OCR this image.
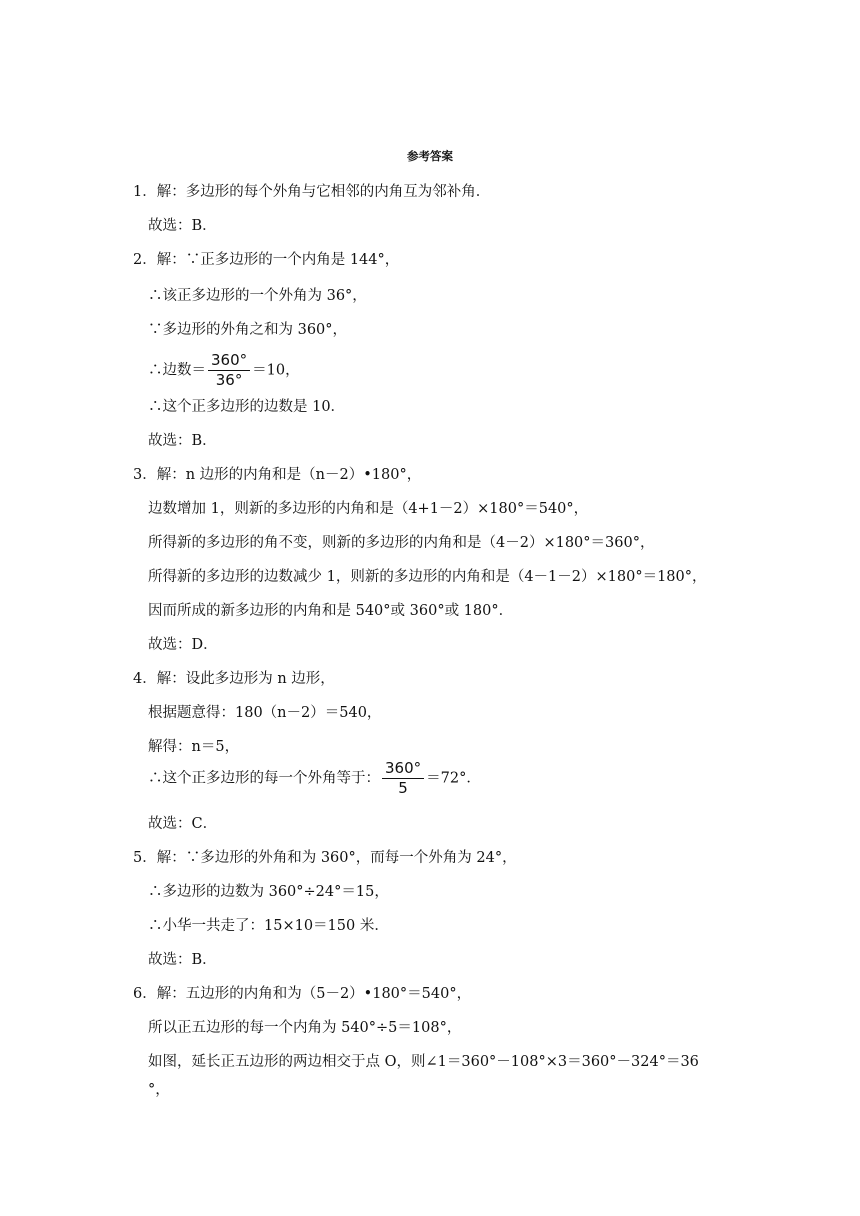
参考答案
1．解：多边形的每个外角与它相邻的内角互为邻补角．
故选：B．
2．解：∵正多边形的一个内角是 144°，
∴该正多边形的一个外角为 36°，
∵多边形的外角之和为 360°，
∴边数＝ $\frac{360^\circ}{36^\circ} =10$，
∴这个正多边形的边数是 10．
故选：B．
3．解：n 边形的内角和是（n－2）•180°，
边数增加 1，则新的多边形的内角和是（4+1－2）×180°＝540°，
所得新的多边形的角不变，则新的多边形的内角和是（4－2）×180°＝360°，
所得新的多边形的边数减少 1，则新的多边形的内角和是（4－1－2）×180°＝180°，
因而所成的新多边形的内角和是 540°或 360°或 180°．
故选：D．
4．解：设此多边形为 n 边形，
根据题意得：180（n－2）＝540，
解得：n＝5，
∴这个正多边形的每一个外角等于： $\frac{360^\circ}{5} =72^\circ$．
故选：C．
5．解：∵多边形的外角和为 360°，而每一个外角为 24°，
∴多边形的边数为 360°÷24°＝15，
∴小华一共走了：15×10＝150 米．
故选：B．
6．解：五边形的内角和为（5－2）•180°＝540°，
所以正五边形的每一个内角为 540°÷5＝108°，
如图，延长正五边形的两边相交于点 O，则∠1＝360°－108°×3＝360°－324°＝36
°，
